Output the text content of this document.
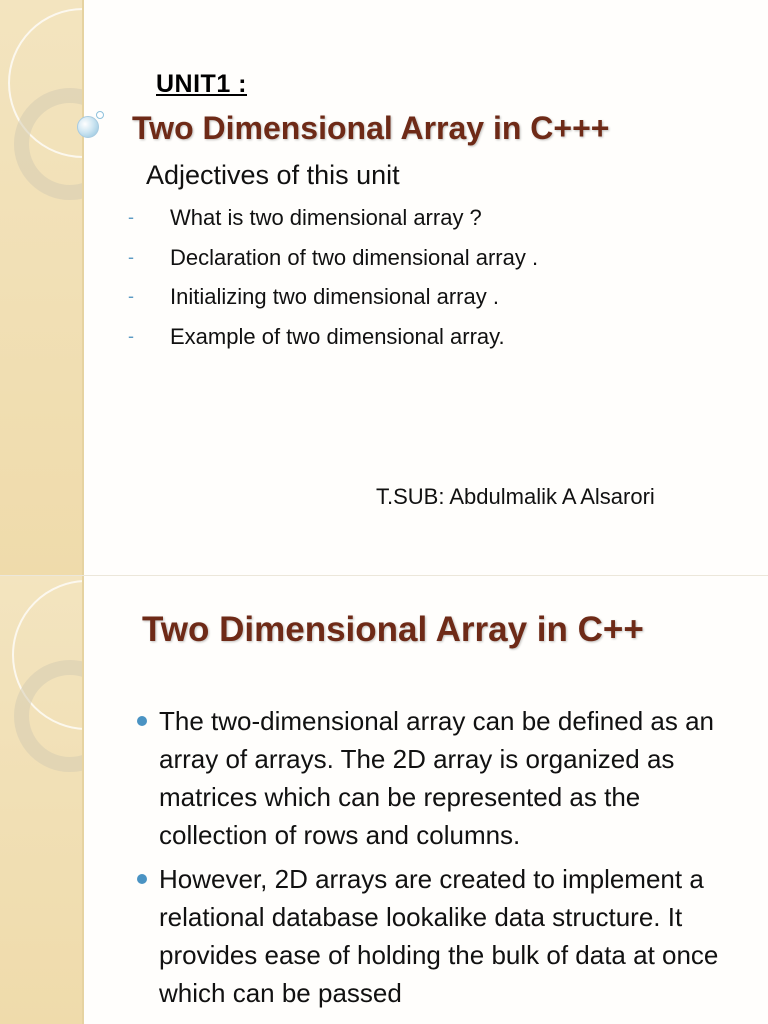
UNIT1 :

Two Dimensional Array in C+++

Adjectives of this unit

- What is two dimensional array ?
- Declaration of two dimensional array .
- Initializing two dimensional array .
- Example of two dimensional array.

T.SUB: Abdulmalik A Alsarori

Two Dimensional Array in C++
The two-dimensional array can be defined as an array of arrays. The 2D array is organized as matrices which can be represented as the collection of rows and columns.
However, 2D arrays are created to implement a relational database lookalike data structure. It provides ease of holding the bulk of data at once which can be passed
